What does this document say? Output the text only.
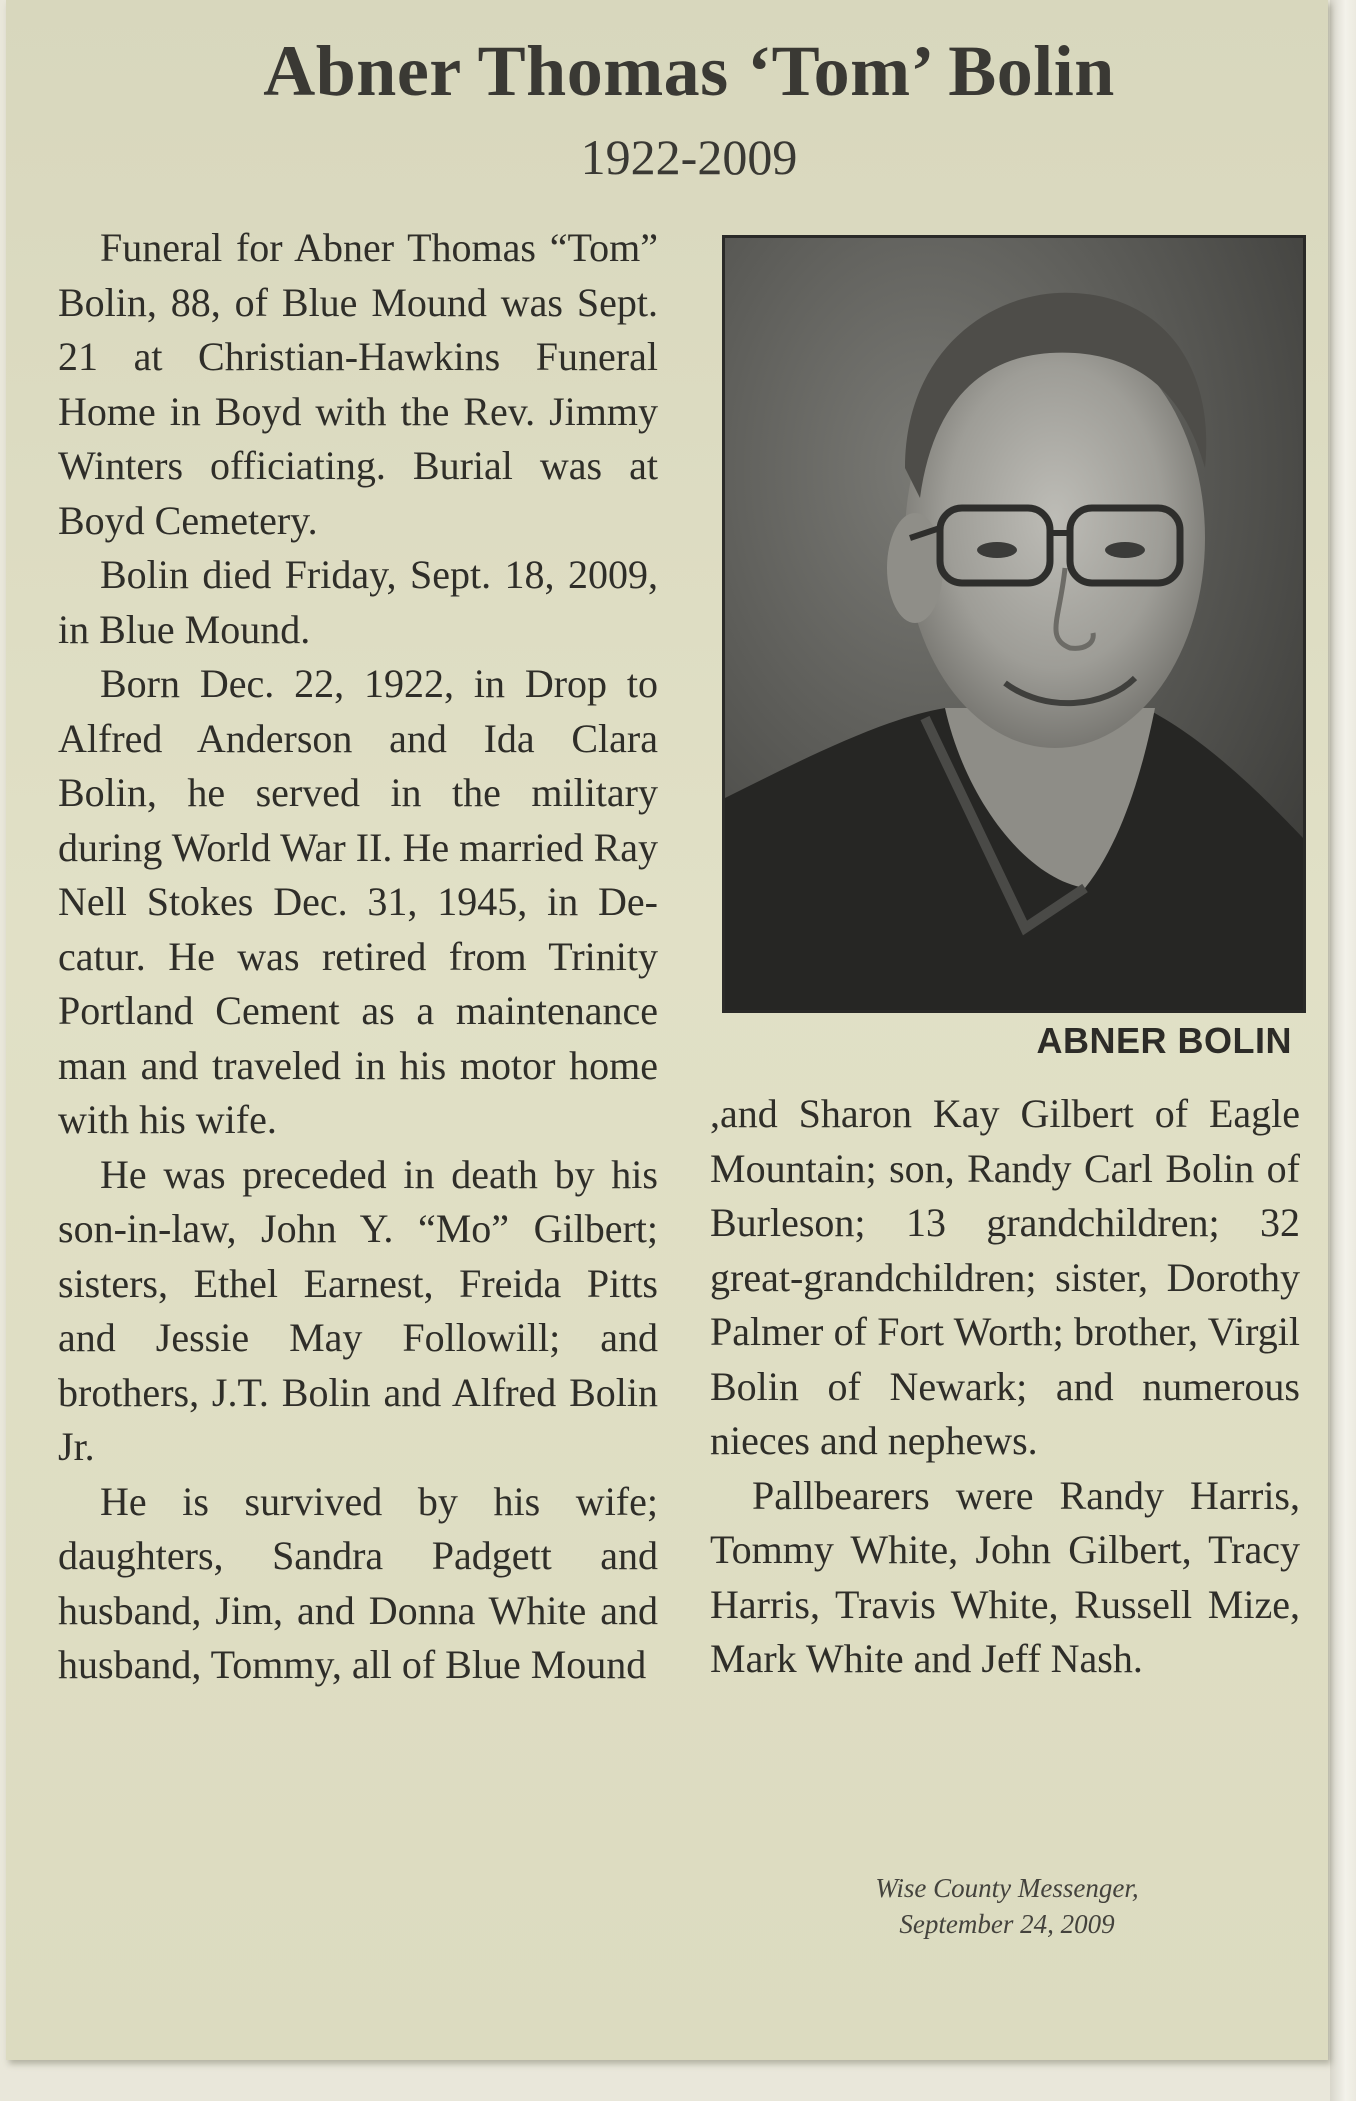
Abner Thomas ‘Tom’ Bolin
1922-2009

Funeral for Abner Thomas “Tom” Bolin, 88, of Blue Mound was Sept. 21 at Christian-Hawkins Funeral Home in Boyd with the Rev. Jimmy Winters officiating. Burial was at Boyd Cemetery.

Bolin died Friday, Sept. 18, 2009, in Blue Mound.

Born Dec. 22, 1922, in Drop to Alfred Anderson and Ida Clara Bolin, he served in the military during World War II. He married Ray Nell Stokes Dec. 31, 1945, in Decatur. He was retired from Trinity Portland Cement as a maintenance man and traveled in his motor home with his wife.

He was preceded in death by his son-in-law, John Y. “Mo” Gilbert; sisters, Ethel Earnest, Freida Pitts and Jessie May Followill; and brothers, J.T. Bolin and Alfred Bolin Jr.

He is survived by his wife; daughters, Sandra Padgett and husband, Jim, and Donna White and husband, Tommy, all of Blue Mound

ABNER BOLIN

,and Sharon Kay Gilbert of Eagle Mountain; son, Randy Carl Bolin of Burleson; 13 grandchildren; 32 great-grandchildren; sister, Dorothy Palmer of Fort Worth; brother, Virgil Bolin of Newark; and numerous nieces and nephews.

Pallbearers were Randy Harris, Tommy White, John Gilbert, Tracy Harris, Travis White, Russell Mize, Mark White and Jeff Nash.

Wise County Messenger,
September 24, 2009
